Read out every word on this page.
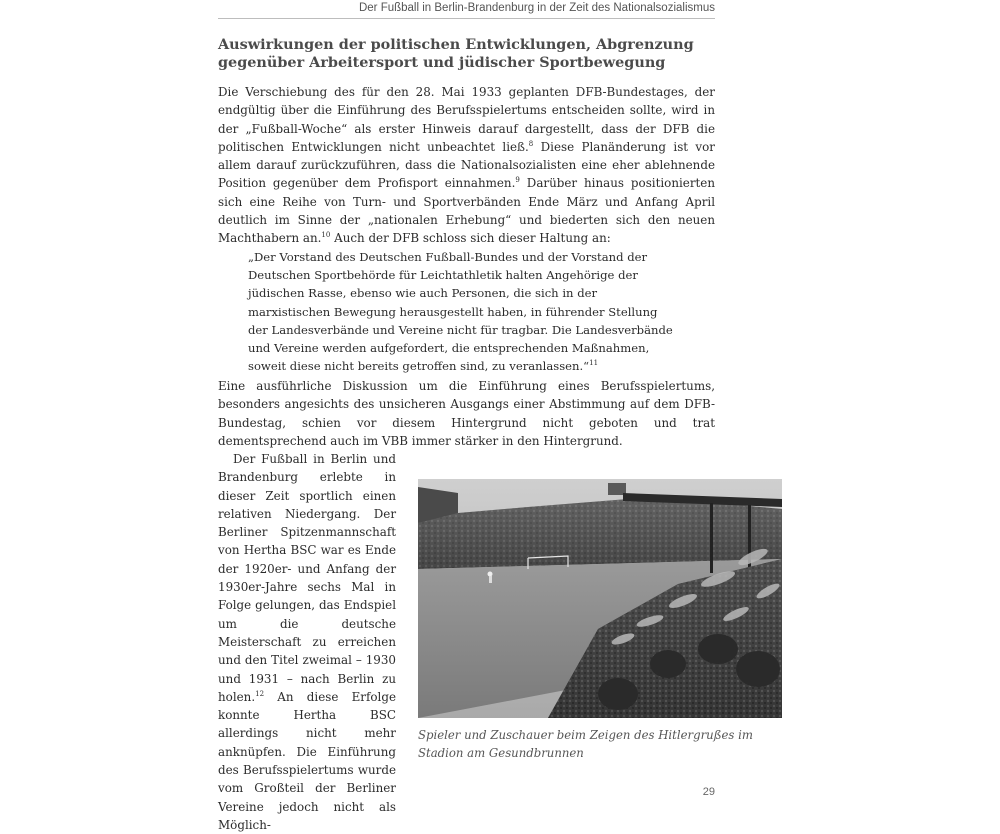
Der Fußball in Berlin-Brandenburg in der Zeit des Nationalsozialismus
Auswirkungen der politischen Entwicklungen, Abgrenzung gegenüber Arbeitersport und jüdischer Sportbewegung

Die Verschiebung des für den 28. Mai 1933 geplanten DFB-Bundestages, der endgültig über die Einführung des Berufsspielertums entscheiden sollte, wird in der „Fußball-Woche“ als erster Hinweis darauf dargestellt, dass der DFB die politischen Entwicklungen nicht unbeachtet ließ.$^8$ Diese Planänderung ist vor allem darauf zurückzuführen, dass die Nationalsozialisten eine eher ablehnende Position gegenüber dem Profisport einnahmen.$^9$ Darüber hinaus positionierten sich eine Reihe von Turn- und Sportverbänden Ende März und Anfang April deutlich im Sinne der „nationalen Erhebung“ und biederten sich den neuen Machthabern an.$^{10}$ Auch der DFB schloss sich dieser Haltung an:

„Der Vorstand des Deutschen Fußball-Bundes und der Vorstand der Deutschen Sportbehörde für Leichtathletik halten Angehörige der jüdischen Rasse, ebenso wie auch Personen, die sich in der marxistischen Bewegung herausgestellt haben, in führender Stellung der Landesverbände und Vereine nicht für tragbar. Die Landesverbände und Vereine werden aufgefordert, die entsprechenden Maßnahmen, soweit diese nicht bereits getroffen sind, zu veranlassen.“$^{11}$

Eine ausführliche Diskussion um die Einführung eines Berufsspielertums, besonders angesichts des unsicheren Ausgangs einer Abstimmung auf dem DFB-Bundestag, schien vor diesem Hintergrund nicht geboten und trat dementsprechend auch im VBB immer stärker in den Hintergrund.

Der Fußball in Berlin und Brandenburg erlebte in dieser Zeit sportlich einen relativen Niedergang. Der Berliner Spitzenmannschaft von Hertha BSC war es Ende der 1920er- und Anfang der 1930er-Jahre sechs Mal in Folge gelungen, das Endspiel um die deutsche Meisterschaft zu erreichen und den Titel zweimal – 1930 und 1931 – nach Berlin zu holen.$^{12}$ An diese Erfolge konnte Hertha BSC allerdings nicht mehr anknüpfen. Die Einführung des Berufsspielertums wurde vom Großteil der Berliner Vereine jedoch nicht als Möglich-

Spieler und Zuschauer beim Zeigen des Hitlergrußes im Stadion am Gesundbrunnen

29
